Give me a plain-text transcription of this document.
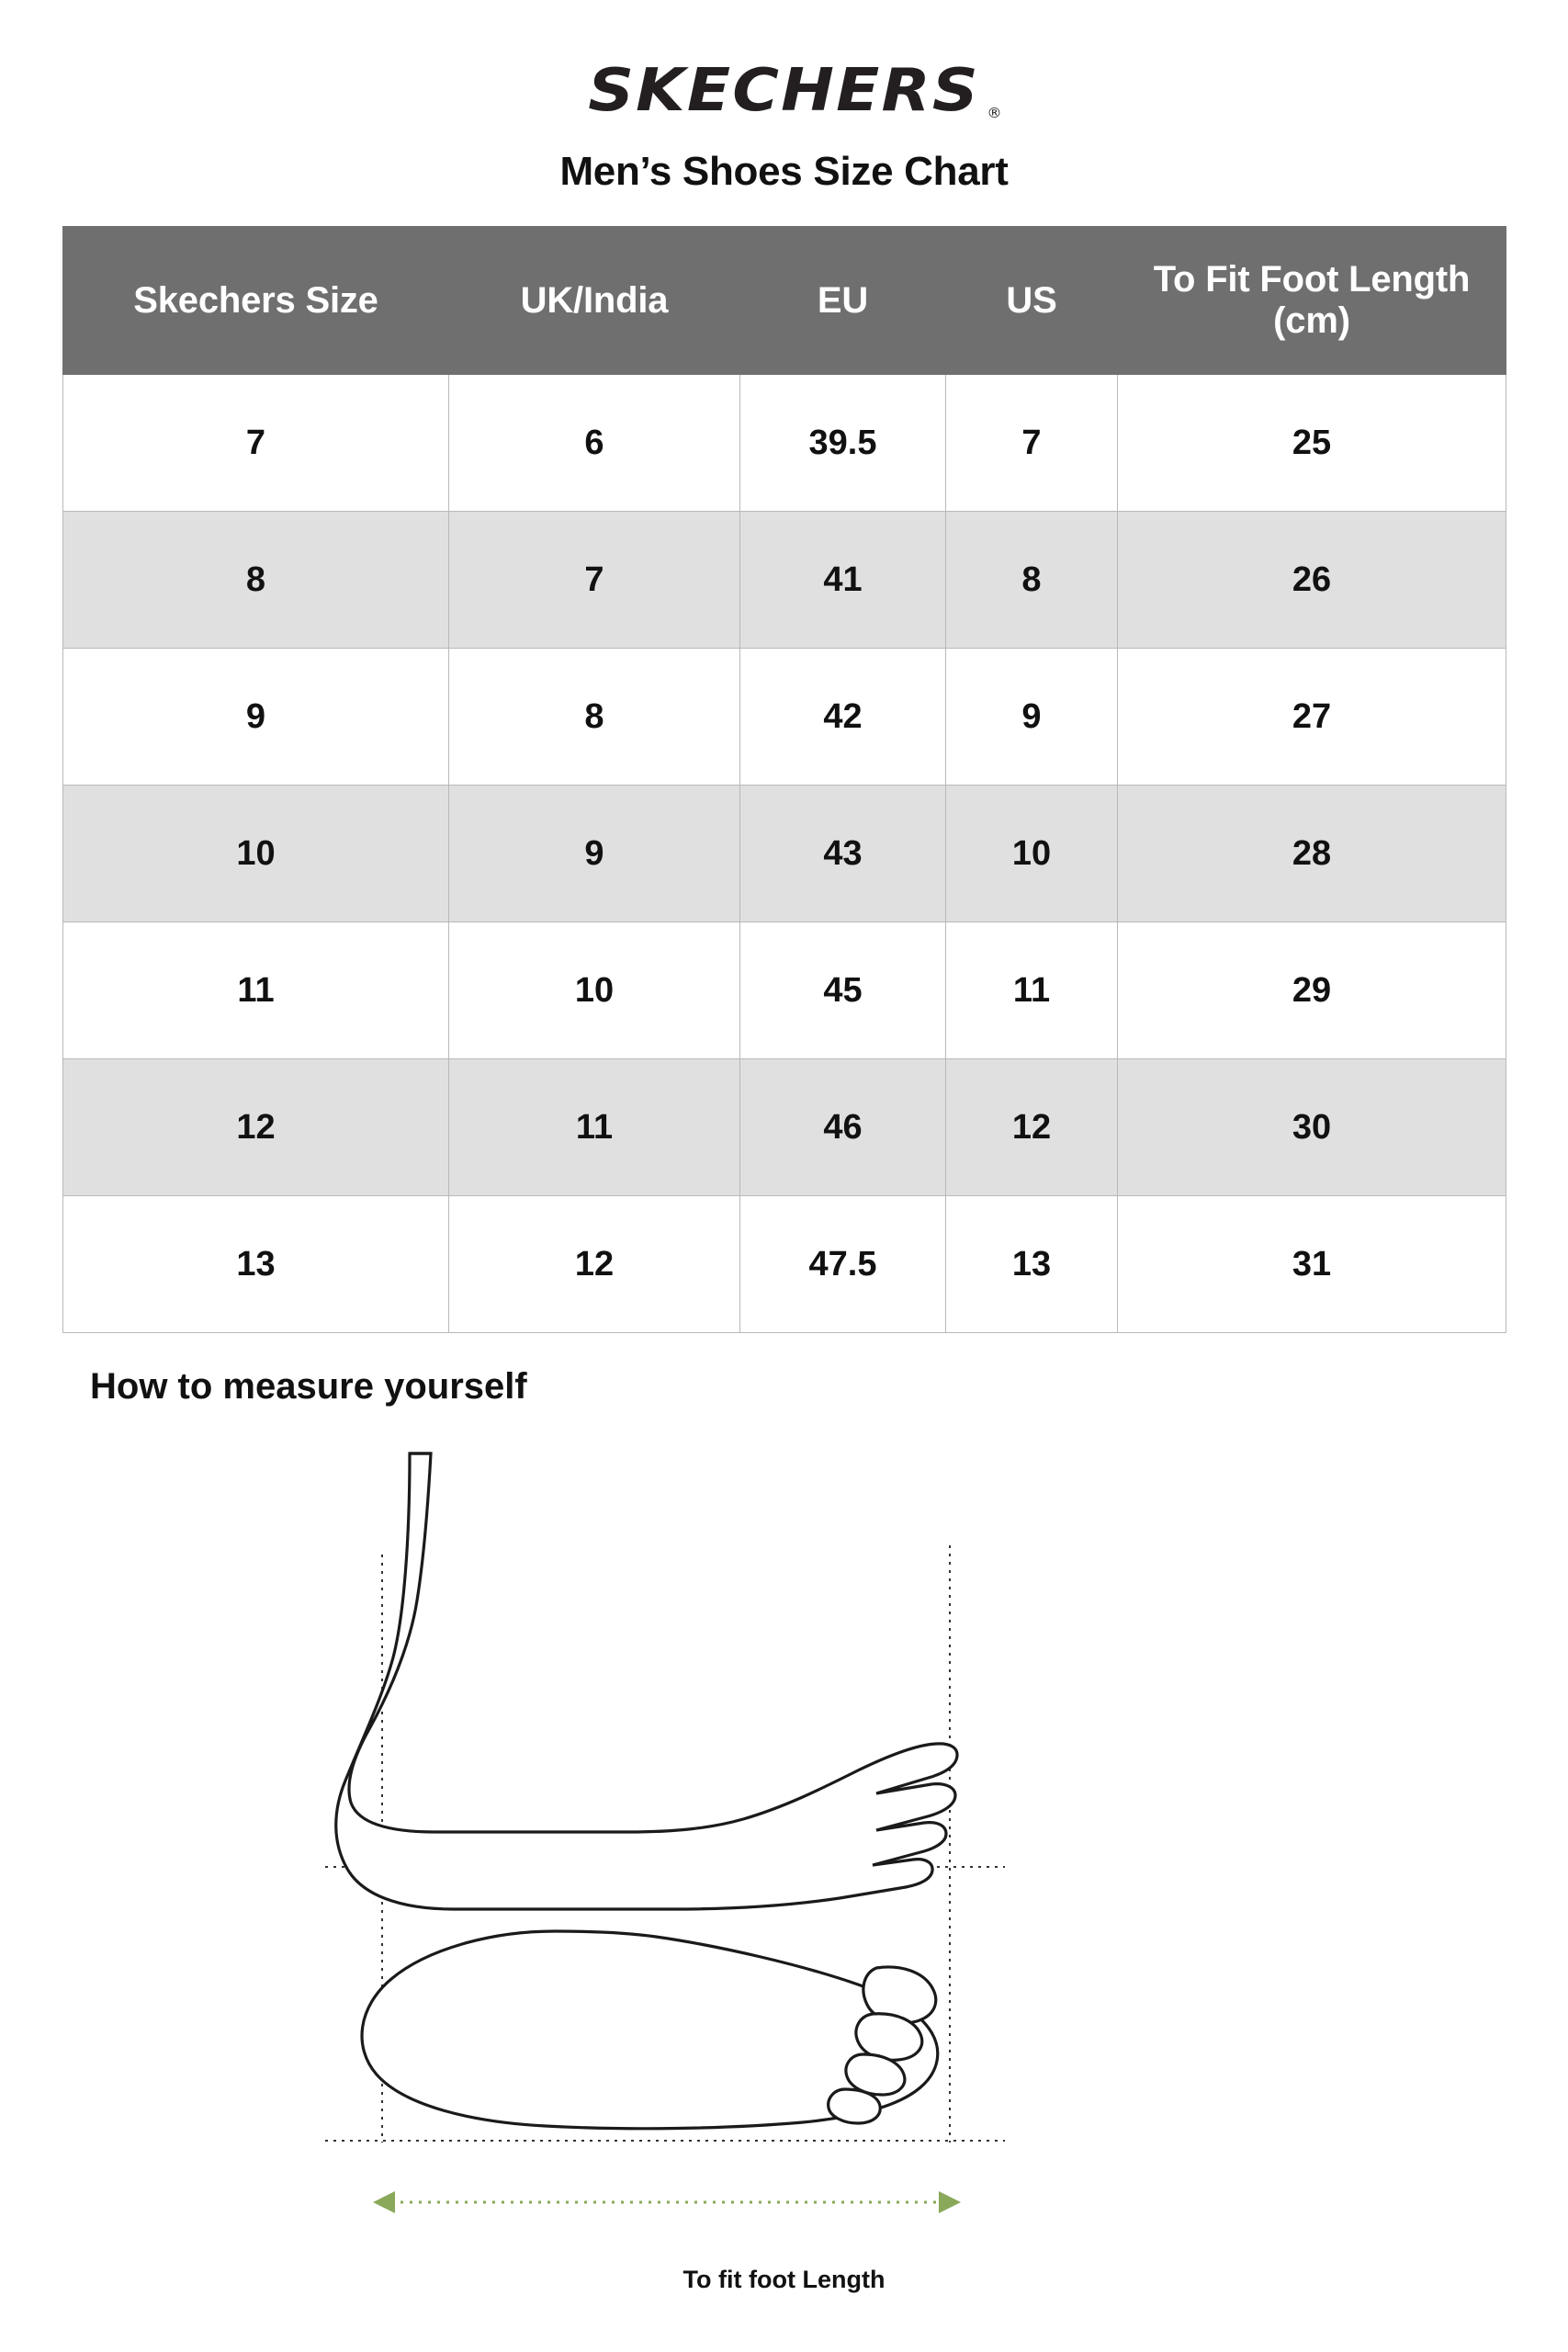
SKECHERS ®
Men’s Shoes Size Chart
Skechers Size	UK/India	EU	US	To Fit Foot Length (cm)
7	6	39.5	7	25
8	7	41	8	26
9	8	42	9	27
10	9	43	10	28
11	10	45	11	29
12	11	46	12	30
13	12	47.5	13	31
How to measure yourself
To fit foot Length
